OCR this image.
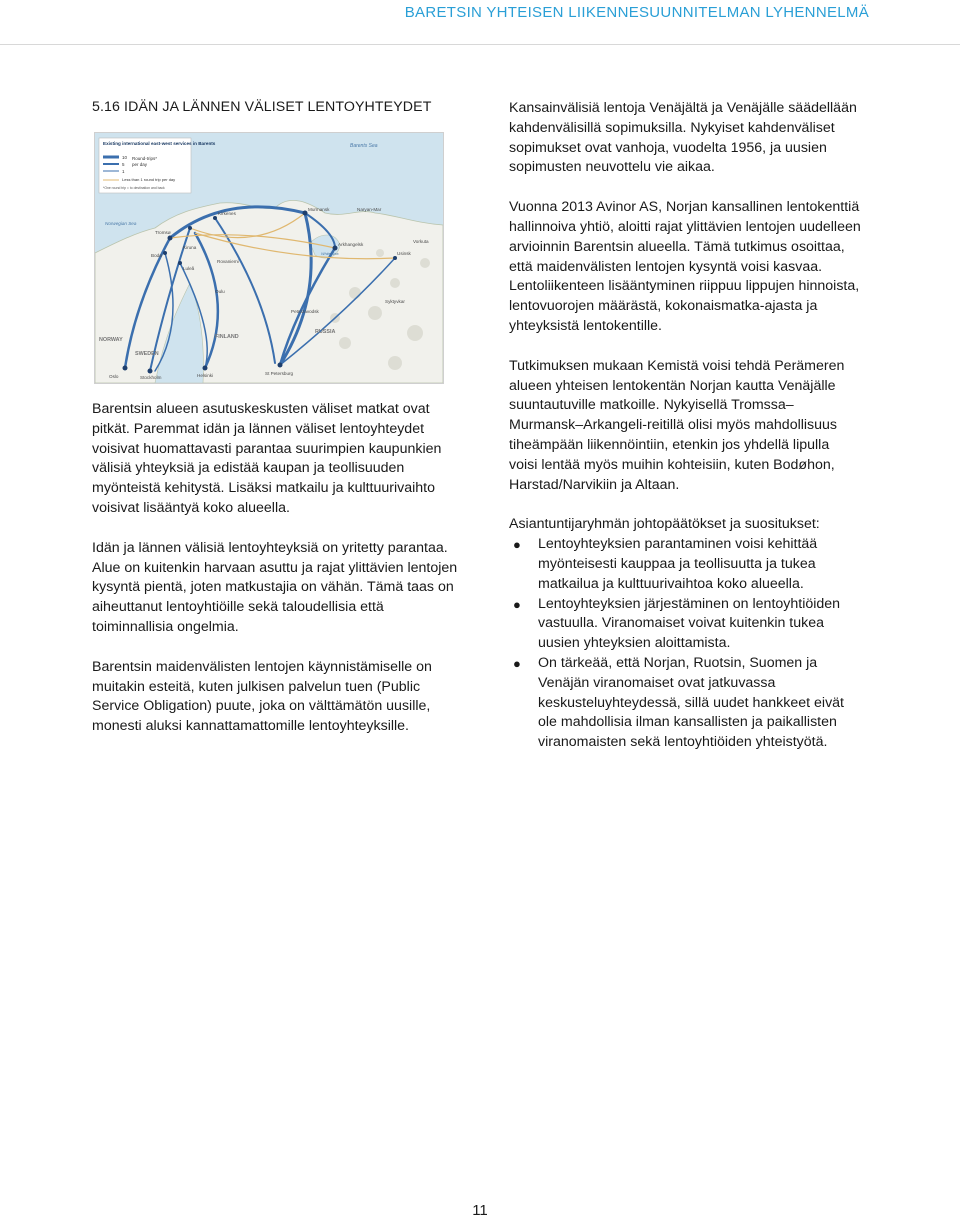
BARETSIN YHTEISEN LIIKENNESUUNNITELMAN LYHENNELMÄ
5.16 IDÄN JA LÄNNEN VÄLISET LENTOYHTEYDET
Existing international east-west services in Barents
10
5
1
Round-trips*
per day
Less than 1 round trip per day
*One round trip = to destination and back
Barents Sea
Norwegian Sea
White Sea
NORWAY
SWEDEN
FINLAND
RUSSIA
Oslo	Stockholm	Helsinki	St Petersburg
Murmansk
Arkhangelsk
Naryan-Mar
Tromsø
Bodø
Kiruna
Luleå
Oulu
Rovaniemi
Kirkenes
Petrozavodsk
Syktyvkar
Vorkuta
Usinsk

Barentsin alueen asutuskeskusten väliset matkat ovat pitkät. Paremmat idän ja lännen väliset lentoyhteydet voisivat huomattavasti parantaa suurimpien kaupunkien välisiä yhteyksiä ja edistää kaupan ja teollisuuden myönteistä kehitystä. Lisäksi matkailu ja kulttuurivaihto voisivat lisääntyä koko alueella.

Idän ja lännen välisiä lentoyhteyksiä on yritetty parantaa. Alue on kuitenkin harvaan asuttu ja rajat ylittävien lentojen kysyntä pientä, joten matkustajia on vähän. Tämä taas on aiheuttanut lentoyhtiöille sekä taloudellisia että toiminnallisia ongelmia.

Barentsin maidenvälisten lentojen käynnistämiselle on muitakin esteitä, kuten julkisen palvelun tuen (Public Service Obligation) puute, joka on välttämätön uusille, monesti aluksi kannattamattomille lentoyhteyksille.

Kansainvälisiä lentoja Venäjältä ja Venäjälle säädellään kahdenvälisillä sopimuksilla. Nykyiset kahdenväliset sopimukset ovat vanhoja, vuodelta 1956, ja uusien sopimusten neuvottelu vie aikaa.

Vuonna 2013 Avinor AS, Norjan kansallinen lentokenttiä hallinnoiva yhtiö, aloitti rajat ylittävien lentojen uudelleen arvioinnin Barentsin alueella. Tämä tutkimus osoittaa, että maidenvälisten lentojen kysyntä voisi kasvaa. Lentoliikenteen lisääntyminen riippuu lippujen hinnoista, lentovuorojen määrästä, kokonaismatka-ajasta ja yhteyksistä lentokentille.

Tutkimuksen mukaan Kemistä voisi tehdä Perämeren alueen yhteisen lentokentän Norjan kautta Venäjälle suuntautuville matkoille. Nykyisellä Tromssa–Murmansk–Arkangeli-reitillä olisi myös mahdollisuus tiheämpään liikennöintiin, etenkin jos yhdellä lipulla voisi lentää myös muihin kohteisiin, kuten Bodøhon, Harstad/Narvikiin ja Altaan.

Asiantuntijaryhmän johtopäätökset ja suositukset:

● Lentoyhteyksien parantaminen voisi kehittää myönteisesti kauppaa ja teollisuutta ja tukea matkailua ja kulttuurivaihtoa koko alueella.
● Lentoyhteyksien järjestäminen on lentoyhtiöiden vastuulla. Viranomaiset voivat kuitenkin tukea uusien yhteyksien aloittamista.
● On tärkeää, että Norjan, Ruotsin, Suomen ja Venäjän viranomaiset ovat jatkuvassa keskusteluyhteydessä, sillä uudet hankkeet eivät ole mahdollisia ilman kansallisten ja paikallisten viranomaisten sekä lentoyhtiöiden yhteistyötä.
11
